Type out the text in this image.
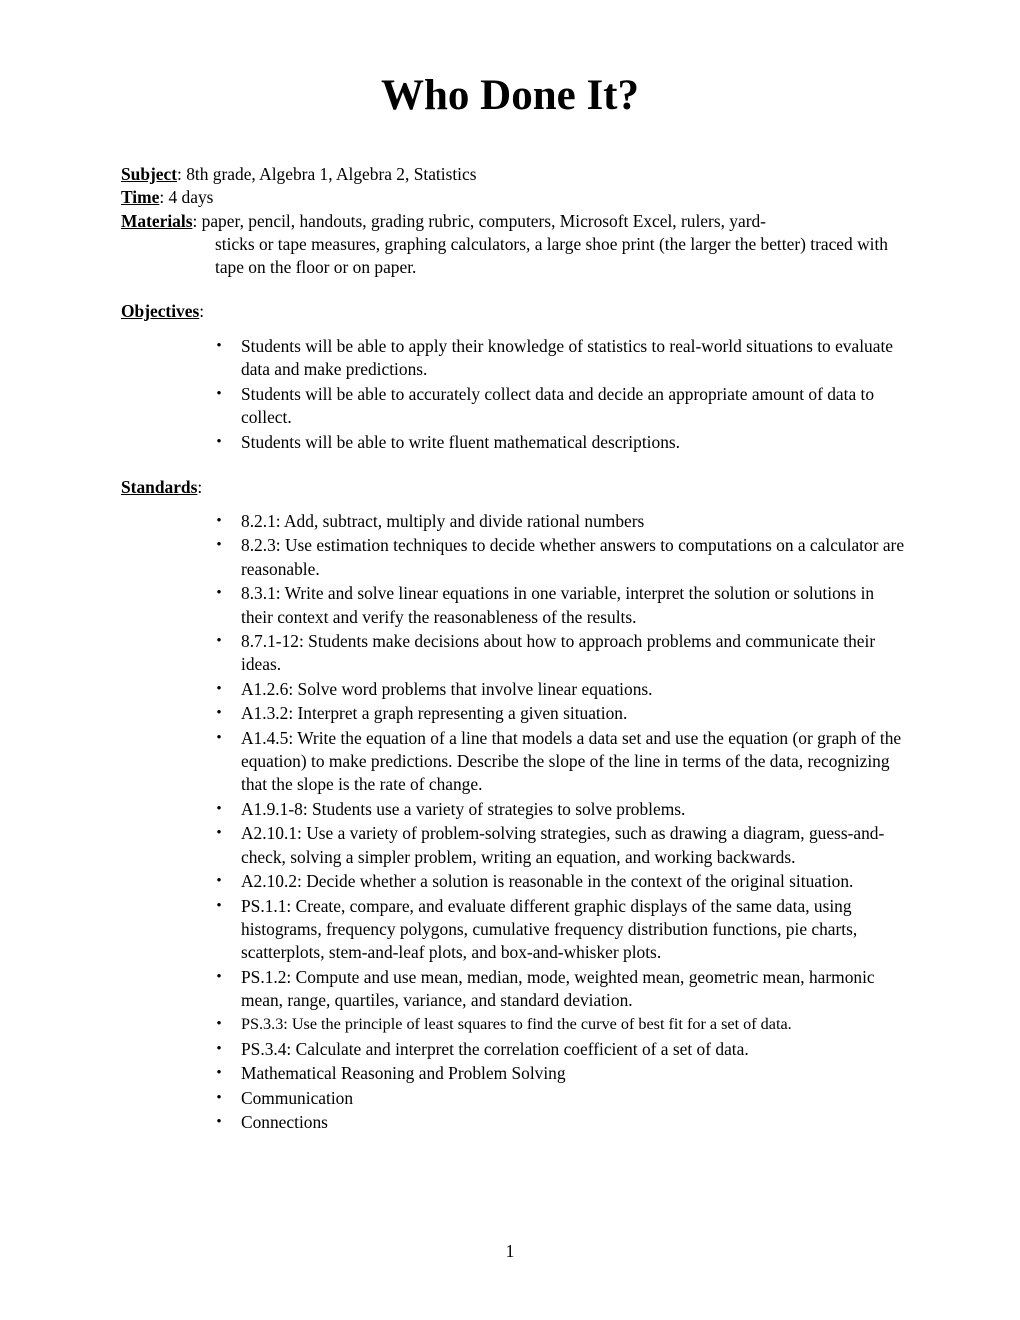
Who Done It?
Subject: 8th grade, Algebra 1, Algebra 2, Statistics
Time: 4 days
Materials: paper, pencil, handouts, grading rubric, computers, Microsoft Excel, rulers, yard-
sticks or tape measures, graphing calculators, a large shoe print (the larger the better) traced with tape on the floor or on paper.
Objectives:
• Students will be able to apply their knowledge of statistics to real-world situations to evaluate data and make predictions.
• Students will be able to accurately collect data and decide an appropriate amount of data to collect.
• Students will be able to write fluent mathematical descriptions.
Standards:
• 8.2.1: Add, subtract, multiply and divide rational numbers
• 8.2.3: Use estimation techniques to decide whether answers to computations on a calculator are reasonable.
• 8.3.1: Write and solve linear equations in one variable, interpret the solution or solutions in their context and verify the reasonableness of the results.
• 8.7.1-12: Students make decisions about how to approach problems and communicate their ideas.
• A1.2.6: Solve word problems that involve linear equations.
• A1.3.2: Interpret a graph representing a given situation.
• A1.4.5: Write the equation of a line that models a data set and use the equation (or graph of the equation) to make predictions. Describe the slope of the line in terms of the data, recognizing that the slope is the rate of change.
• A1.9.1-8: Students use a variety of strategies to solve problems.
• A2.10.1: Use a variety of problem-solving strategies, such as drawing a diagram, guess-and-check, solving a simpler problem, writing an equation, and working backwards.
• A2.10.2: Decide whether a solution is reasonable in the context of the original situation.
• PS.1.1: Create, compare, and evaluate different graphic displays of the same data, using histograms, frequency polygons, cumulative frequency distribution functions, pie charts, scatterplots, stem-and-leaf plots, and box-and-whisker plots.
• PS.1.2: Compute and use mean, median, mode, weighted mean, geometric mean, harmonic mean, range, quartiles, variance, and standard deviation.
• PS.3.3: Use the principle of least squares to find the curve of best fit for a set of data.
• PS.3.4: Calculate and interpret the correlation coefficient of a set of data.
• Mathematical Reasoning and Problem Solving
• Communication
• Connections
1
